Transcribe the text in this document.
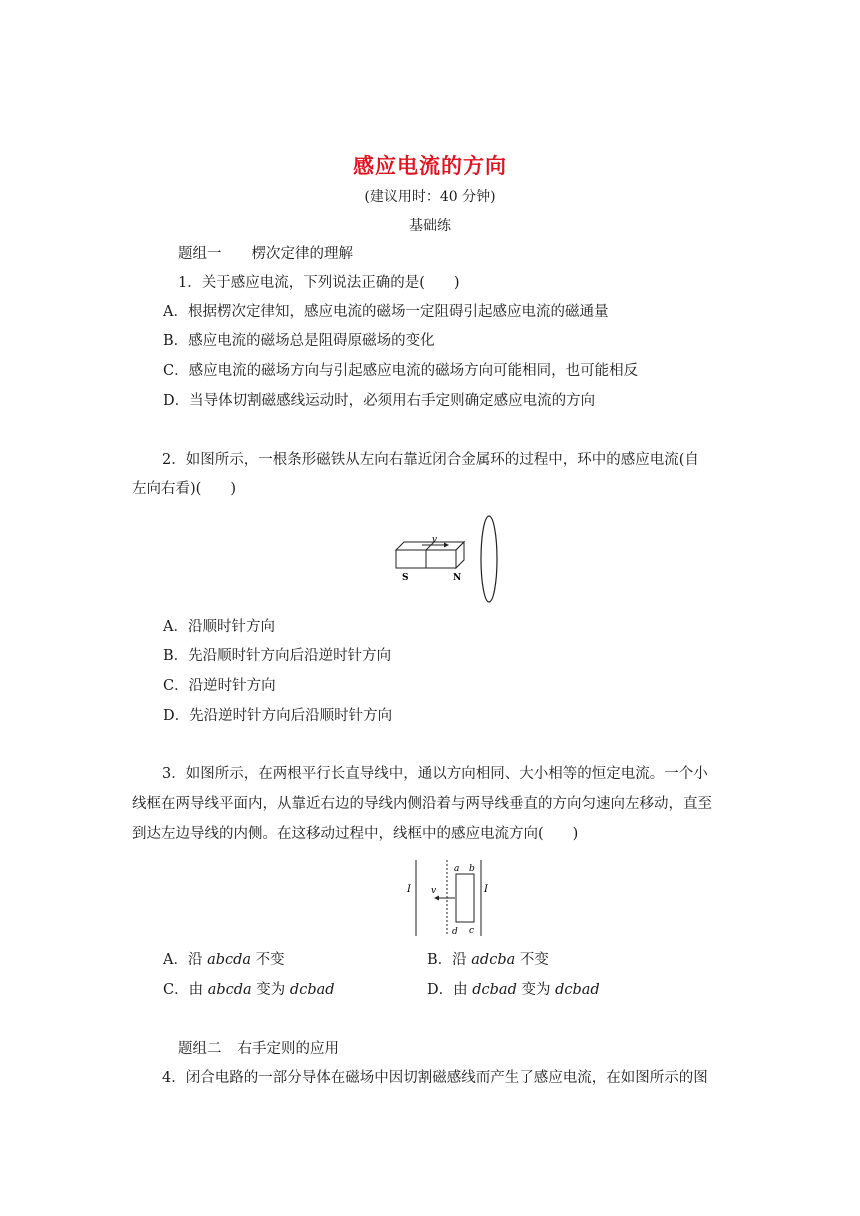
感应电流的方向
(建议用时：40 分钟)
基础练
题组一 楞次定律的理解
1．关于感应电流，下列说法正确的是(　　)
A．根据楞次定律知，感应电流的磁场一定阻碍引起感应电流的磁通量
B．感应电流的磁场总是阻碍原磁场的变化
C．感应电流的磁场方向与引起感应电流的磁场方向可能相同，也可能相反
D．当导体切割磁感线运动时，必须用右手定则确定感应电流的方向
2．如图所示，一根条形磁铁从左向右靠近闭合金属环的过程中，环中的感应电流(自
左向右看)(　　)
v
S	N
A．沿顺时针方向
B．先沿顺时针方向后沿逆时针方向
C．沿逆时针方向
D．先沿逆时针方向后沿顺时针方向
3．如图所示，在两根平行长直导线中，通以方向相同、大小相等的恒定电流。一个小
线框在两导线平面内，从靠近右边的导线内侧沿着与两导线垂直的方向匀速向左移动，直至
到达左边导线的内侧。在这移动过程中，线框中的感应电流方向(　　)
I	I
a b
d c
v
A．沿 abcda 不变	B．沿 adcba 不变
C．由 abcda 变为 dcbad	D．由 dcbad 变为 dcbad
题组二 右手定则的应用
4．闭合电路的一部分导体在磁场中因切割磁感线而产生了感应电流，在如图所示的图
